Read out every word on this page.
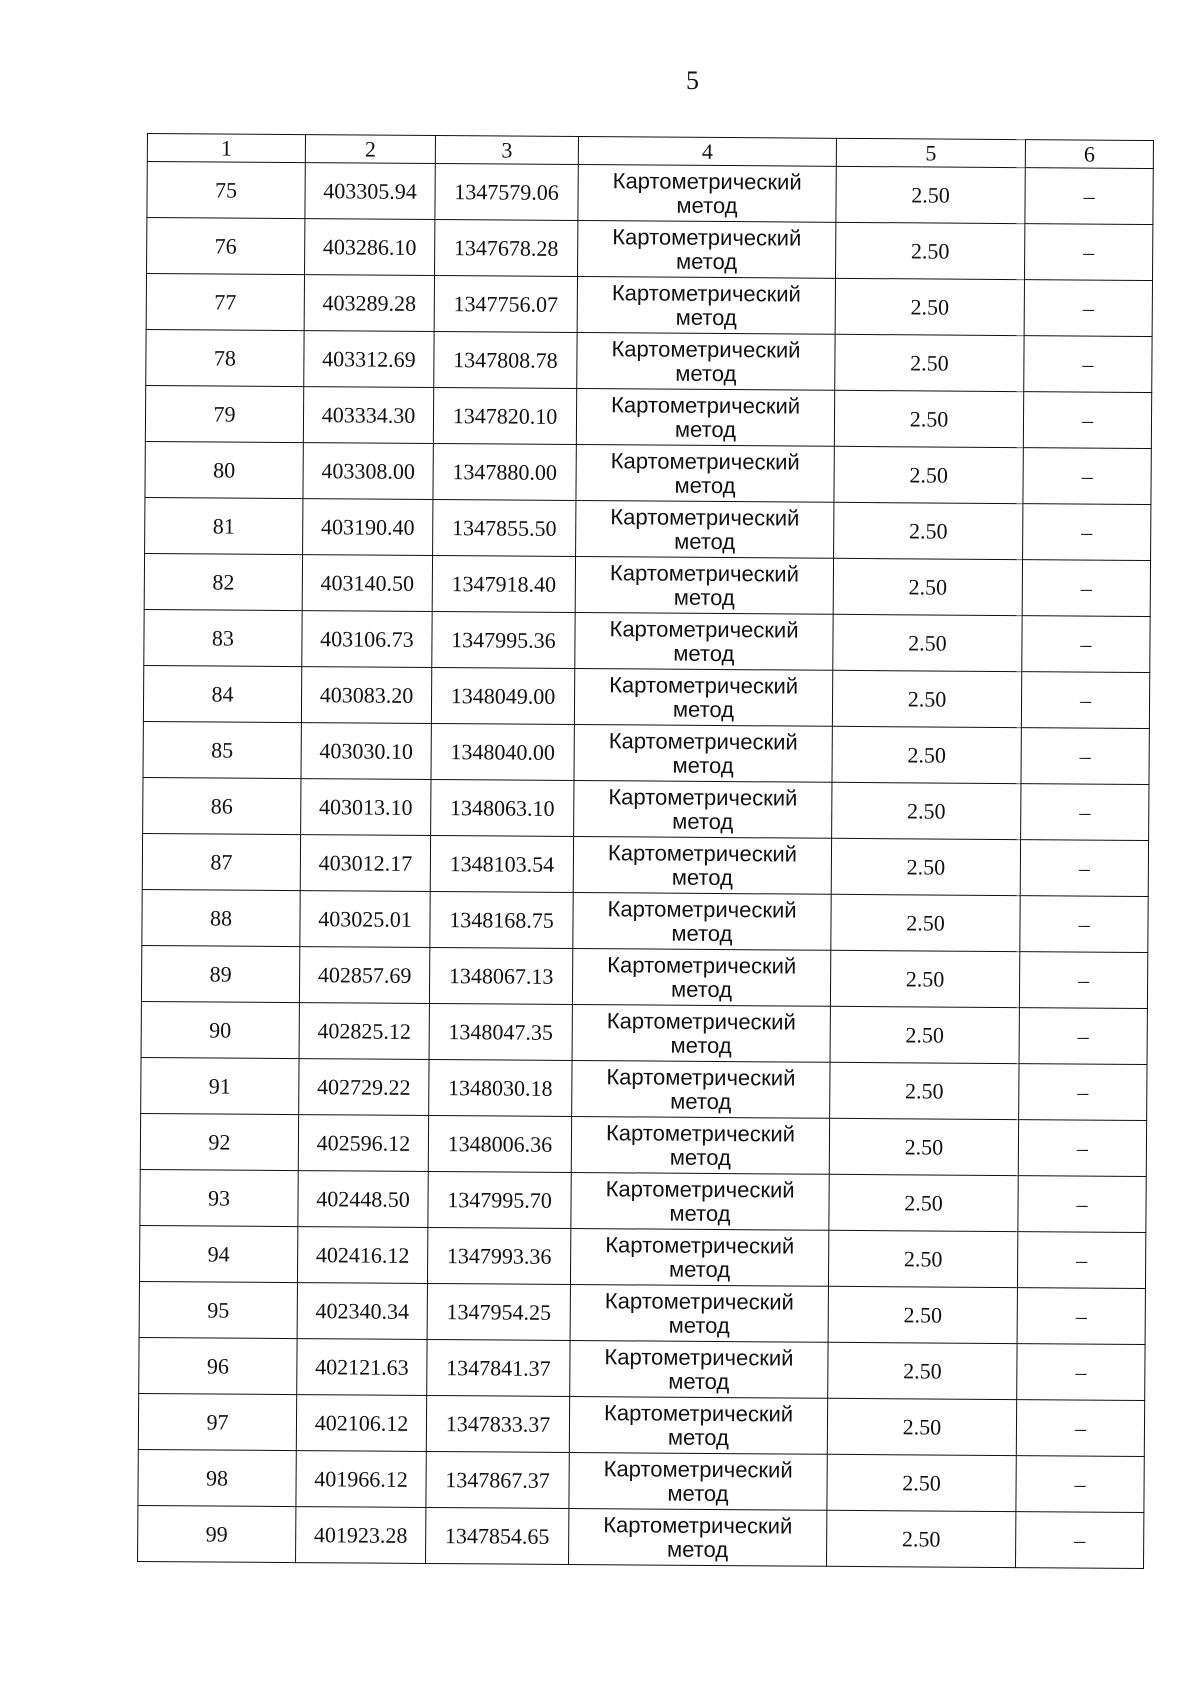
5
1	2	3	4	5	6
75	403305.94	1347579.06	Картометрический
метод	2.50	–
76	403286.10	1347678.28	Картометрический
метод	2.50	–
77	403289.28	1347756.07	Картометрический
метод	2.50	–
78	403312.69	1347808.78	Картометрический
метод	2.50	–
79	403334.30	1347820.10	Картометрический
метод	2.50	–
80	403308.00	1347880.00	Картометрический
метод	2.50	–
81	403190.40	1347855.50	Картометрический
метод	2.50	–
82	403140.50	1347918.40	Картометрический
метод	2.50	–
83	403106.73	1347995.36	Картометрический
метод	2.50	–
84	403083.20	1348049.00	Картометрический
метод	2.50	–
85	403030.10	1348040.00	Картометрический
метод	2.50	–
86	403013.10	1348063.10	Картометрический
метод	2.50	–
87	403012.17	1348103.54	Картометрический
метод	2.50	–
88	403025.01	1348168.75	Картометрический
метод	2.50	–
89	402857.69	1348067.13	Картометрический
метод	2.50	–
90	402825.12	1348047.35	Картометрический
метод	2.50	–
91	402729.22	1348030.18	Картометрический
метод	2.50	–
92	402596.12	1348006.36	Картометрический
метод	2.50	–
93	402448.50	1347995.70	Картометрический
метод	2.50	–
94	402416.12	1347993.36	Картометрический
метод	2.50	–
95	402340.34	1347954.25	Картометрический
метод	2.50	–
96	402121.63	1347841.37	Картометрический
метод	2.50	–
97	402106.12	1347833.37	Картометрический
метод	2.50	–
98	401966.12	1347867.37	Картометрический
метод	2.50	–
99	401923.28	1347854.65	Картометрический
метод	2.50	–
